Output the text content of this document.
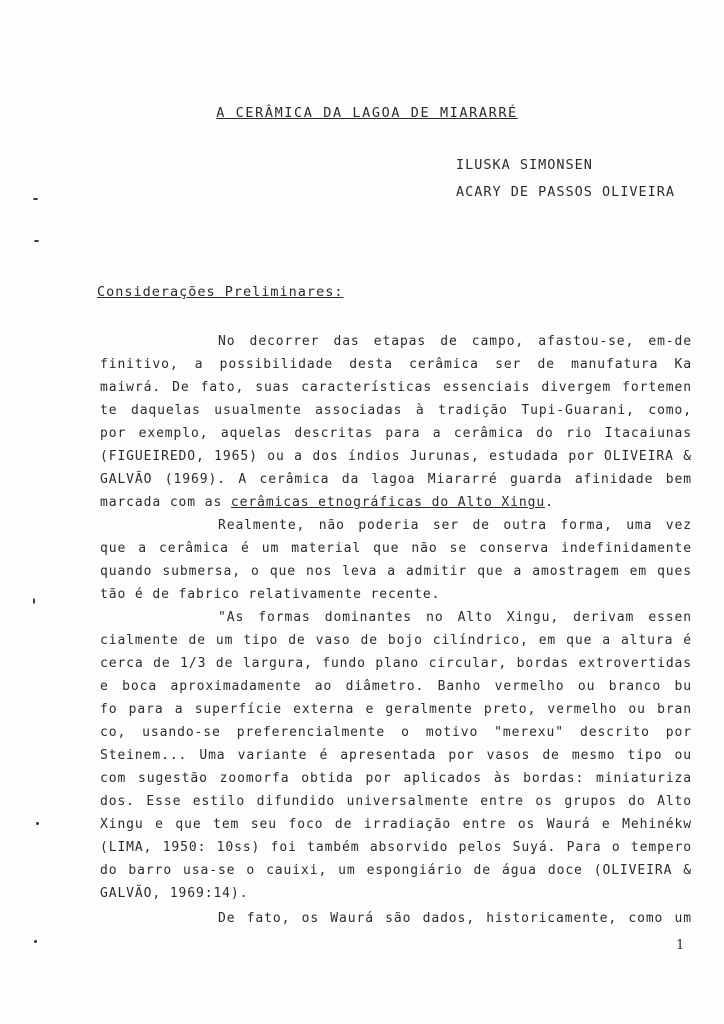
A CERÂMICA DA LAGOA DE MIARARRÉ
ILUSKA SIMONSEN
ACARY DE PASSOS OLIVEIRA
Considerações Preliminares:
No decorrer das etapas de campo, afastou-se, em-de
finitivo, a possibilidade desta cerâmica ser de manufatura Ka
maiwrá. De fato, suas características essenciais divergem fortemen
te daquelas usualmente associadas à tradição Tupi-Guarani, como,
por exemplo, aquelas descritas para a cerâmica do rio Itacaiunas
(FIGUEIREDO, 1965) ou a dos índios Jurunas, estudada por OLIVEIRA &
GALVÃO (1969). A cerâmica da lagoa Miararré guarda afinidade bem
marcada com as cerâmicas etnográficas do Alto Xingu.
Realmente, não poderia ser de outra forma, uma vez
que a cerâmica é um material que não se conserva indefinidamente
quando submersa, o que nos leva a admitir que a amostragem em ques
tão é de fabrico relativamente recente.
"As formas dominantes no Alto Xingu, derivam essen
cialmente de um tipo de vaso de bojo cilíndrico, em que a altura é
cerca de 1/3 de largura, fundo plano circular, bordas extrovertidas
e boca aproximadamente ao diâmetro. Banho vermelho ou branco bu
fo para a superfície externa e geralmente preto, vermelho ou bran
co, usando-se preferencialmente o motivo "merexu" descrito por
Steinem... Uma variante é apresentada por vasos de mesmo tipo ou
com sugestão zoomorfa obtida por aplicados às bordas: miniaturiza
dos. Esse estilo difundido universalmente entre os grupos do Alto
Xingu e que tem seu foco de irradiação entre os Waurá e Mehinékw
(LIMA, 1950: 10ss) foi também absorvido pelos Suyá. Para o tempero
do barro usa-se o cauixi, um espongiário de água doce (OLIVEIRA &
GALVÃO, 1969:14).
De fato, os Waurá são dados, historicamente, como um
1
